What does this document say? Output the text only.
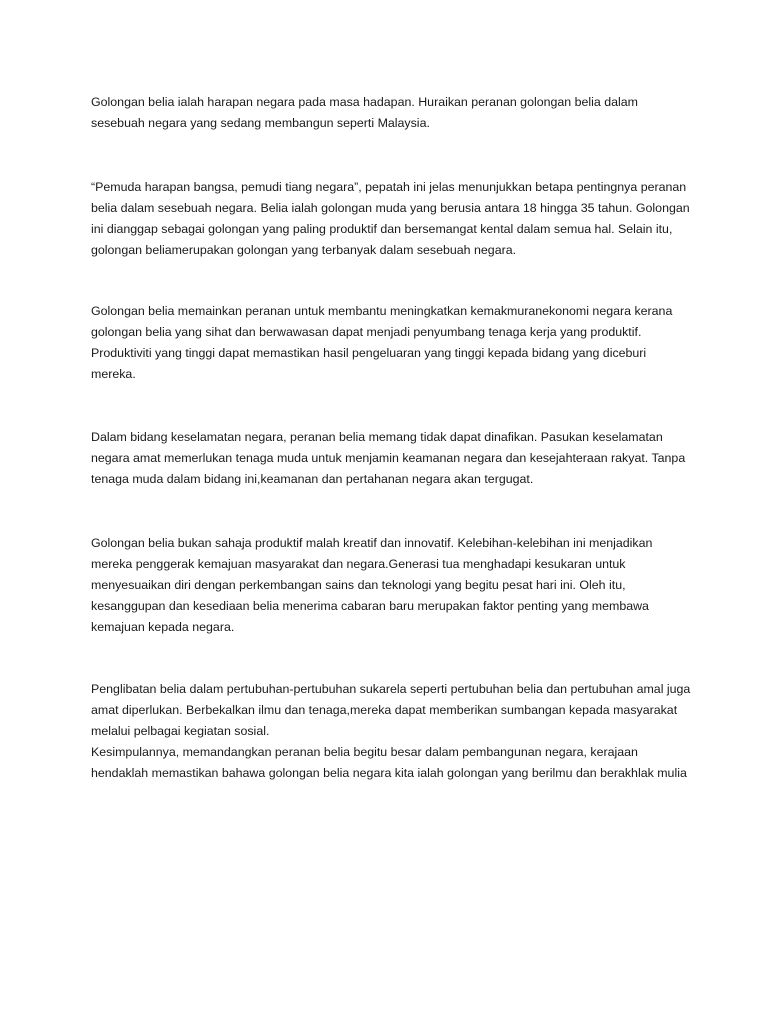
Golongan belia ialah harapan negara pada masa hadapan. Huraikan peranan golongan belia dalam sesebuah negara yang sedang membangun seperti Malaysia.

“Pemuda harapan bangsa, pemudi tiang negara”, pepatah ini jelas menunjukkan betapa pentingnya peranan belia dalam sesebuah negara. Belia ialah golongan muda yang berusia antara 18 hingga 35 tahun. Golongan ini dianggap sebagai golongan yang paling produktif dan bersemangat kental dalam semua hal. Selain itu, golongan beliamerupakan golongan yang terbanyak dalam sesebuah negara.

Golongan belia memainkan peranan untuk membantu meningkatkan kemakmuranekonomi negara kerana golongan belia yang sihat dan berwawasan dapat menjadi penyumbang tenaga kerja yang produktif. Produktiviti yang tinggi dapat memastikan hasil pengeluaran yang tinggi kepada bidang yang diceburi mereka.

Dalam bidang keselamatan negara, peranan belia memang tidak dapat dinafikan. Pasukan keselamatan negara amat memerlukan tenaga muda untuk menjamin keamanan negara dan kesejahteraan rakyat. Tanpa tenaga muda dalam bidang ini,keamanan dan pertahanan negara akan tergugat.

Golongan belia bukan sahaja produktif malah kreatif dan innovatif. Kelebihan-kelebihan ini menjadikan mereka penggerak kemajuan masyarakat dan negara.Generasi tua menghadapi kesukaran untuk menyesuaikan diri dengan perkembangan sains dan teknologi yang begitu pesat hari ini. Oleh itu, kesanggupan dan kesediaan belia menerima cabaran baru merupakan faktor penting yang membawa kemajuan kepada negara.

Penglibatan belia dalam pertubuhan-pertubuhan sukarela seperti pertubuhan belia dan pertubuhan amal juga amat diperlukan. Berbekalkan ilmu dan tenaga,mereka dapat memberikan sumbangan kepada masyarakat melalui pelbagai kegiatan sosial.

Kesimpulannya, memandangkan peranan belia begitu besar dalam pembangunan negara, kerajaan hendaklah memastikan bahawa golongan belia negara kita ialah golongan yang berilmu dan berakhlak mulia
